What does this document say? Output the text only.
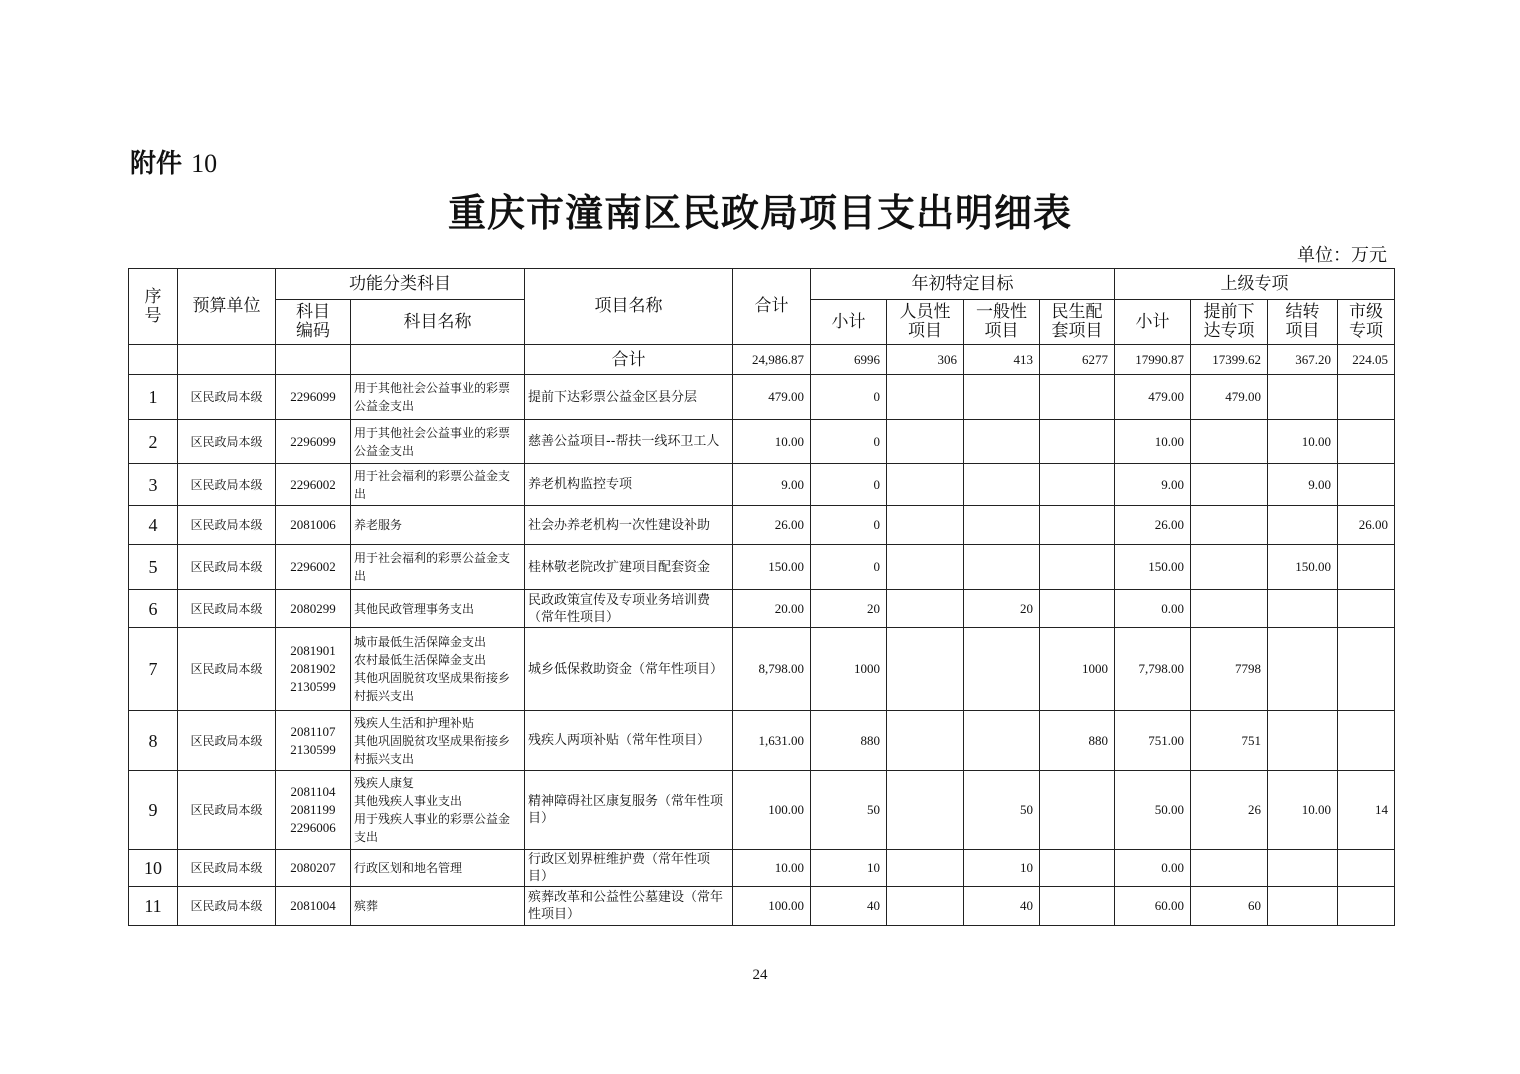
附件 10
重庆市潼南区民政局项目支出明细表
单位：万元
序号	预算单位	功能分类科目		项目名称	合计	年初特定目标				上级专项			
		科目编码	科目名称			小计	人员性项目	一般性项目	民生配套项目	小计	提前下达专项	结转项目	市级专项
				合计	24,986.87	6996	306	413	6277	17990.87	17399.62	367.20	224.05
1	区民政局本级	2296099	用于其他社会公益事业的彩票公益金支出	提前下达彩票公益金区县分层	479.00	0				479.00	479.00		
2	区民政局本级	2296099	用于其他社会公益事业的彩票公益金支出	慈善公益项目--帮扶一线环卫工人	10.00	0				10.00		10.00	
3	区民政局本级	2296002	用于社会福利的彩票公益金支出	养老机构监控专项	9.00	0				9.00		9.00	
4	区民政局本级	2081006	养老服务	社会办养老机构一次性建设补助	26.00	0				26.00			26.00
5	区民政局本级	2296002	用于社会福利的彩票公益金支出	桂林敬老院改扩建项目配套资金	150.00	0				150.00		150.00	
6	区民政局本级	2080299	其他民政管理事务支出	民政政策宣传及专项业务培训费（常年性项目）	20.00	20		20		0.00			
7	区民政局本级	2081901
2081902
2130599	城市最低生活保障金支出
农村最低生活保障金支出
其他巩固脱贫攻坚成果衔接乡村振兴支出	城乡低保救助资金（常年性项目）	8,798.00	1000			1000	7,798.00	7798		
8	区民政局本级	2081107
2130599	残疾人生活和护理补贴
其他巩固脱贫攻坚成果衔接乡村振兴支出	残疾人两项补贴（常年性项目）	1,631.00	880			880	751.00	751		
9	区民政局本级	2081104
2081199
2296006	残疾人康复
其他残疾人事业支出
用于残疾人事业的彩票公益金支出	精神障碍社区康复服务（常年性项目）	100.00	50		50		50.00	26	10.00	14
10	区民政局本级	2080207	行政区划和地名管理	行政区划界桩维护费（常年性项目）	10.00	10		10		0.00			
11	区民政局本级	2081004	殡葬	殡葬改革和公益性公墓建设（常年性项目）	100.00	40		40		60.00	60		
24
